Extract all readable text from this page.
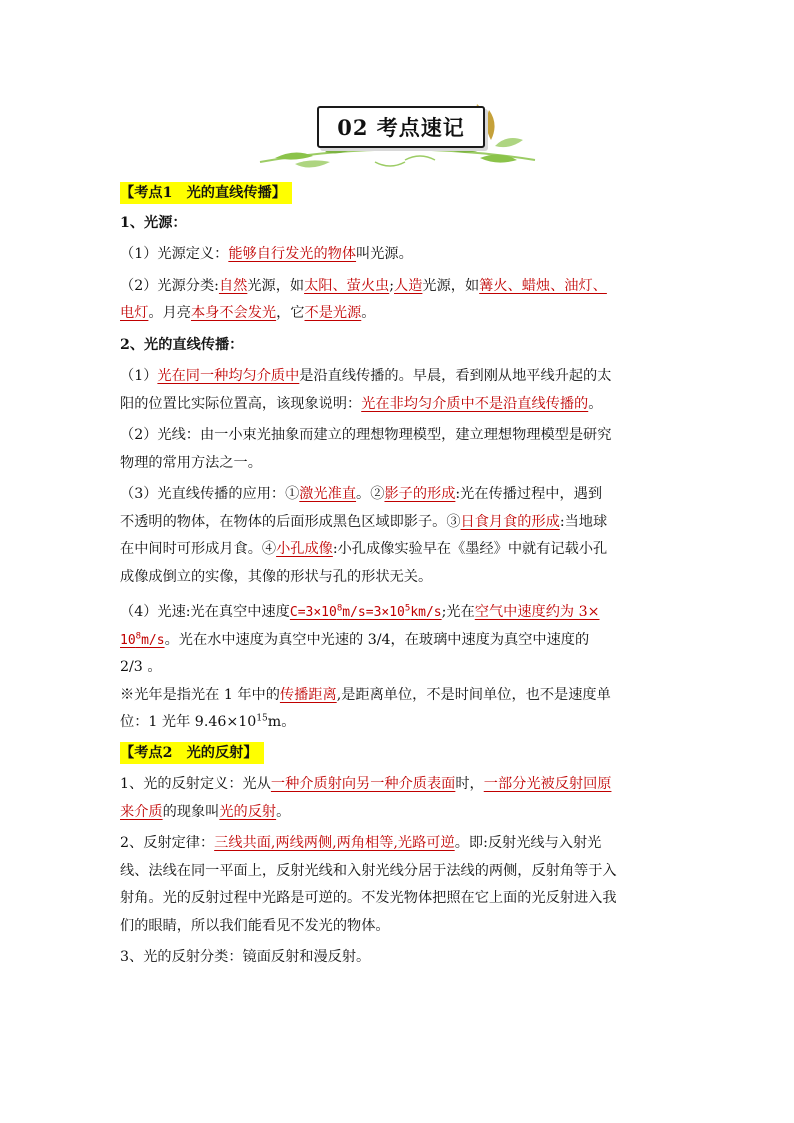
02
考点速记
【考点1　光的直线传播】
1、光源：
（1）光源定义：能够自行发光的物体叫光源。
（2）光源分类:自然光源，如太阳、萤火虫;人造光源，如篝火、蜡烛、油灯、
电灯。月亮本身不会发光，它不是光源。
2、光的直线传播：
（1）光在同一种均匀介质中是沿直线传播的。早晨，看到刚从地平线升起的太
阳的位置比实际位置高，该现象说明：光在非均匀介质中不是沿直线传播的。
（2）光线：由一小束光抽象而建立的理想物理模型，建立理想物理模型是研究
物理的常用方法之一。
（3）光直线传播的应用：①激光准直。②影子的形成:光在传播过程中，遇到
不透明的物体，在物体的后面形成黑色区域即影子。③日食月食的形成:当地球
在中间时可形成月食。④小孔成像:小孔成像实验早在《墨经》中就有记载小孔
成像成倒立的实像，其像的形状与孔的形状无关。
（4）光速:光在真空中速度$C=3\times 10^8m/s=3\times 10^5km/s$;光在空气中速度约为 3×
$10^8m/s$。光在水中速度为真空中光速的 3/4，在玻璃中速度为真空中速度的
2/3 。
※光年是指光在 1 年中的传播距离,是距离单位，不是时间单位，也不是速度单
位：1 光年 $9.46\times 10^{15}m$。
【考点2　光的反射】
1、光的反射定义：光从一种介质射向另一种介质表面时，一部分光被反射回原
来介质的现象叫光的反射。
2、反射定律：三线共面,两线两侧,两角相等,光路可逆。即:反射光线与入射光
线、法线在同一平面上，反射光线和入射光线分居于法线的两侧，反射角等于入
射角。光的反射过程中光路是可逆的。不发光物体把照在它上面的光反射进入我
们的眼睛，所以我们能看见不发光的物体。
3、光的反射分类：镜面反射和漫反射。
